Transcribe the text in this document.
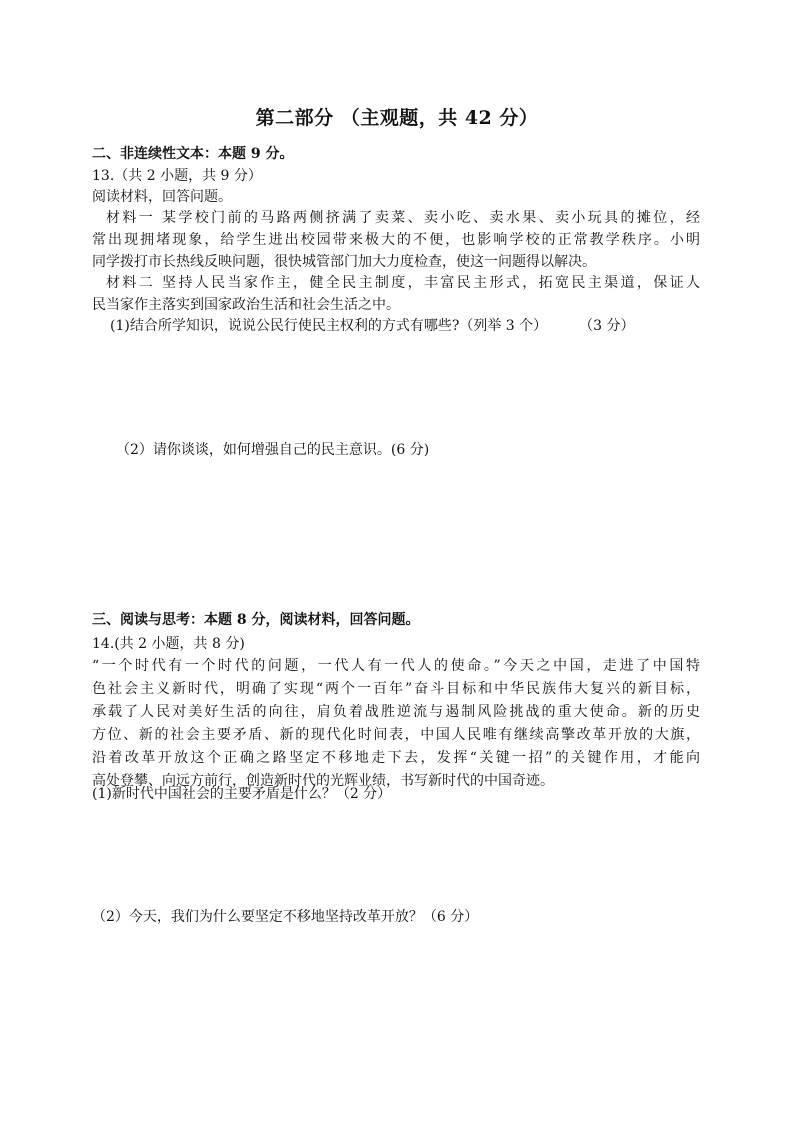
第二部分 （主观题，共 42 分）
二、非连续性文本：本题 9 分。
13.（共 2 小题，共 9 分）
阅读材料，回答问题。
材料一 某学校门前的马路两侧挤满了卖菜、卖小吃、卖水果、卖小玩具的摊位，经
常出现拥堵现象，给学生进出校园带来极大的不便，也影响学校的正常教学秩序。小明
同学拨打市长热线反映问题，很快城管部门加大力度检查，使这一问题得以解决。
材料二 坚持人民当家作主，健全民主制度，丰富民主形式，拓宽民主渠道，保证人
民当家作主落实到国家政治生活和社会生活之中。
(1)结合所学知识，说说公民行使民主权利的方式有哪些?（列举 3 个） （3 分）
（2）请你谈谈，如何增强自己的民主意识。(6 分)
三、阅读与思考：本题 8 分，阅读材料，回答问题。
14.(共 2 小题，共 8 分)
“一个时代有一个时代的问题，一代人有一代人的使命。”今天之中国，走进了中国特
色社会主义新时代，明确了实现“两个一百年”奋斗目标和中华民族伟大复兴的新目标，
承载了人民对美好生活的向往，肩负着战胜逆流与遏制风险挑战的重大使命。新的历史
方位、新的社会主要矛盾、新的现代化时间表，中国人民唯有继续高擎改革开放的大旗，
沿着改革开放这个正确之路坚定不移地走下去，发挥“关键一招”的关键作用，才能向
高处登攀、向远方前行，创造新时代的光辉业绩，书写新时代的中国奇迹。
(1)新时代中国社会的主要矛盾是什么？（2 分）
（2）今天，我们为什么要坚定不移地坚持改革开放？（6 分）
